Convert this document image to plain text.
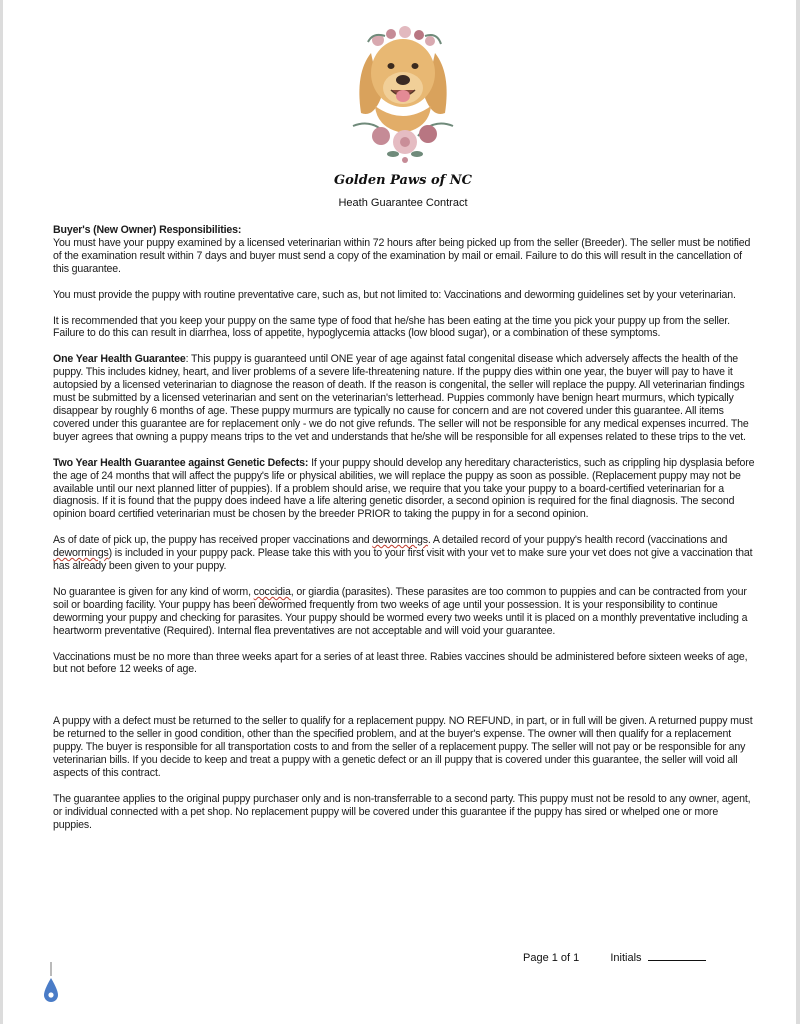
Golden Paws of NC
Heath Guarantee Contract

Buyer's (New Owner) Responsibilities:
You must have your puppy examined by a licensed veterinarian within 72 hours after being picked up from the seller (Breeder). The seller must be notified of the examination result within 7 days and buyer must send a copy of the examination by mail or email. Failure to do this will result in the cancellation of this guarantee.

You must provide the puppy with routine preventative care, such as, but not limited to: Vaccinations and deworming guidelines set by your veterinarian.

It is recommended that you keep your puppy on the same type of food that he/she has been eating at the time you pick your puppy up from the seller. Failure to do this can result in diarrhea, loss of appetite, hypoglycemia attacks (low blood sugar), or a combination of these symptoms.

One Year Health Guarantee: This puppy is guaranteed until ONE year of age against fatal congenital disease which adversely affects the health of the puppy. This includes kidney, heart, and liver problems of a severe life-threatening nature. If the puppy dies within one year, the buyer will pay to have it autopsied by a licensed veterinarian to diagnose the reason of death. If the reason is congenital, the seller will replace the puppy. All veterinarian findings must be submitted by a licensed veterinarian and sent on the veterinarian's letterhead. Puppies commonly have benign heart murmurs, which typically disappear by roughly 6 months of age. These puppy murmurs are typically no cause for concern and are not covered under this guarantee. All items covered under this guarantee are for replacement only - we do not give refunds. The seller will not be responsible for any medical expenses incurred. The buyer agrees that owning a puppy means trips to the vet and understands that he/she will be responsible for all expenses related to these trips to the vet.

Two Year Health Guarantee against Genetic Defects: If your puppy should develop any hereditary characteristics, such as crippling hip dysplasia before the age of 24 months that will affect the puppy's life or physical abilities, we will replace the puppy as soon as possible. (Replacement puppy may not be available until our next planned litter of puppies). If a problem should arise, we require that you take your puppy to a board-certified veterinarian for a diagnosis. If it is found that the puppy does indeed have a life altering genetic disorder, a second opinion is required for the final diagnosis. The second opinion board certified veterinarian must be chosen by the breeder PRIOR to taking the puppy in for a second opinion.

As of date of pick up, the puppy has received proper vaccinations and dewormings. A detailed record of your puppy's health record (vaccinations and dewormings) is included in your puppy pack. Please take this with you to your first visit with your vet to make sure your vet does not give a vaccination that has already been given to your puppy.

No guarantee is given for any kind of worm, coccidia, or giardia (parasites). These parasites are too common to puppies and can be contracted from your soil or boarding facility. Your puppy has been dewormed frequently from two weeks of age until your possession. It is your responsibility to continue deworming your puppy and checking for parasites. Your puppy should be wormed every two weeks until it is placed on a monthly preventative including a heartworm preventative (Required). Internal flea preventatives are not acceptable and will void your guarantee.

Vaccinations must be no more than three weeks apart for a series of at least three. Rabies vaccines should be administered before sixteen weeks of age, but not before 12 weeks of age.

A puppy with a defect must be returned to the seller to qualify for a replacement puppy. NO REFUND, in part, or in full will be given. A returned puppy must be returned to the seller in good condition, other than the specified problem, and at the buyer's expense. The owner will then qualify for a replacement puppy. The buyer is responsible for all transportation costs to and from the seller of a replacement puppy. The seller will not pay or be responsible for any veterinarian bills. If you decide to keep and treat a puppy with a genetic defect or an ill puppy that is covered under this guarantee, the seller will void all aspects of this contract.

The guarantee applies to the original puppy purchaser only and is non-transferrable to a second party. This puppy must not be resold to any owner, agent, or individual connected with a pet shop. No replacement puppy will be covered under this guarantee if the puppy has sired or whelped one or more puppies.

Page 1 of 1	Initials
